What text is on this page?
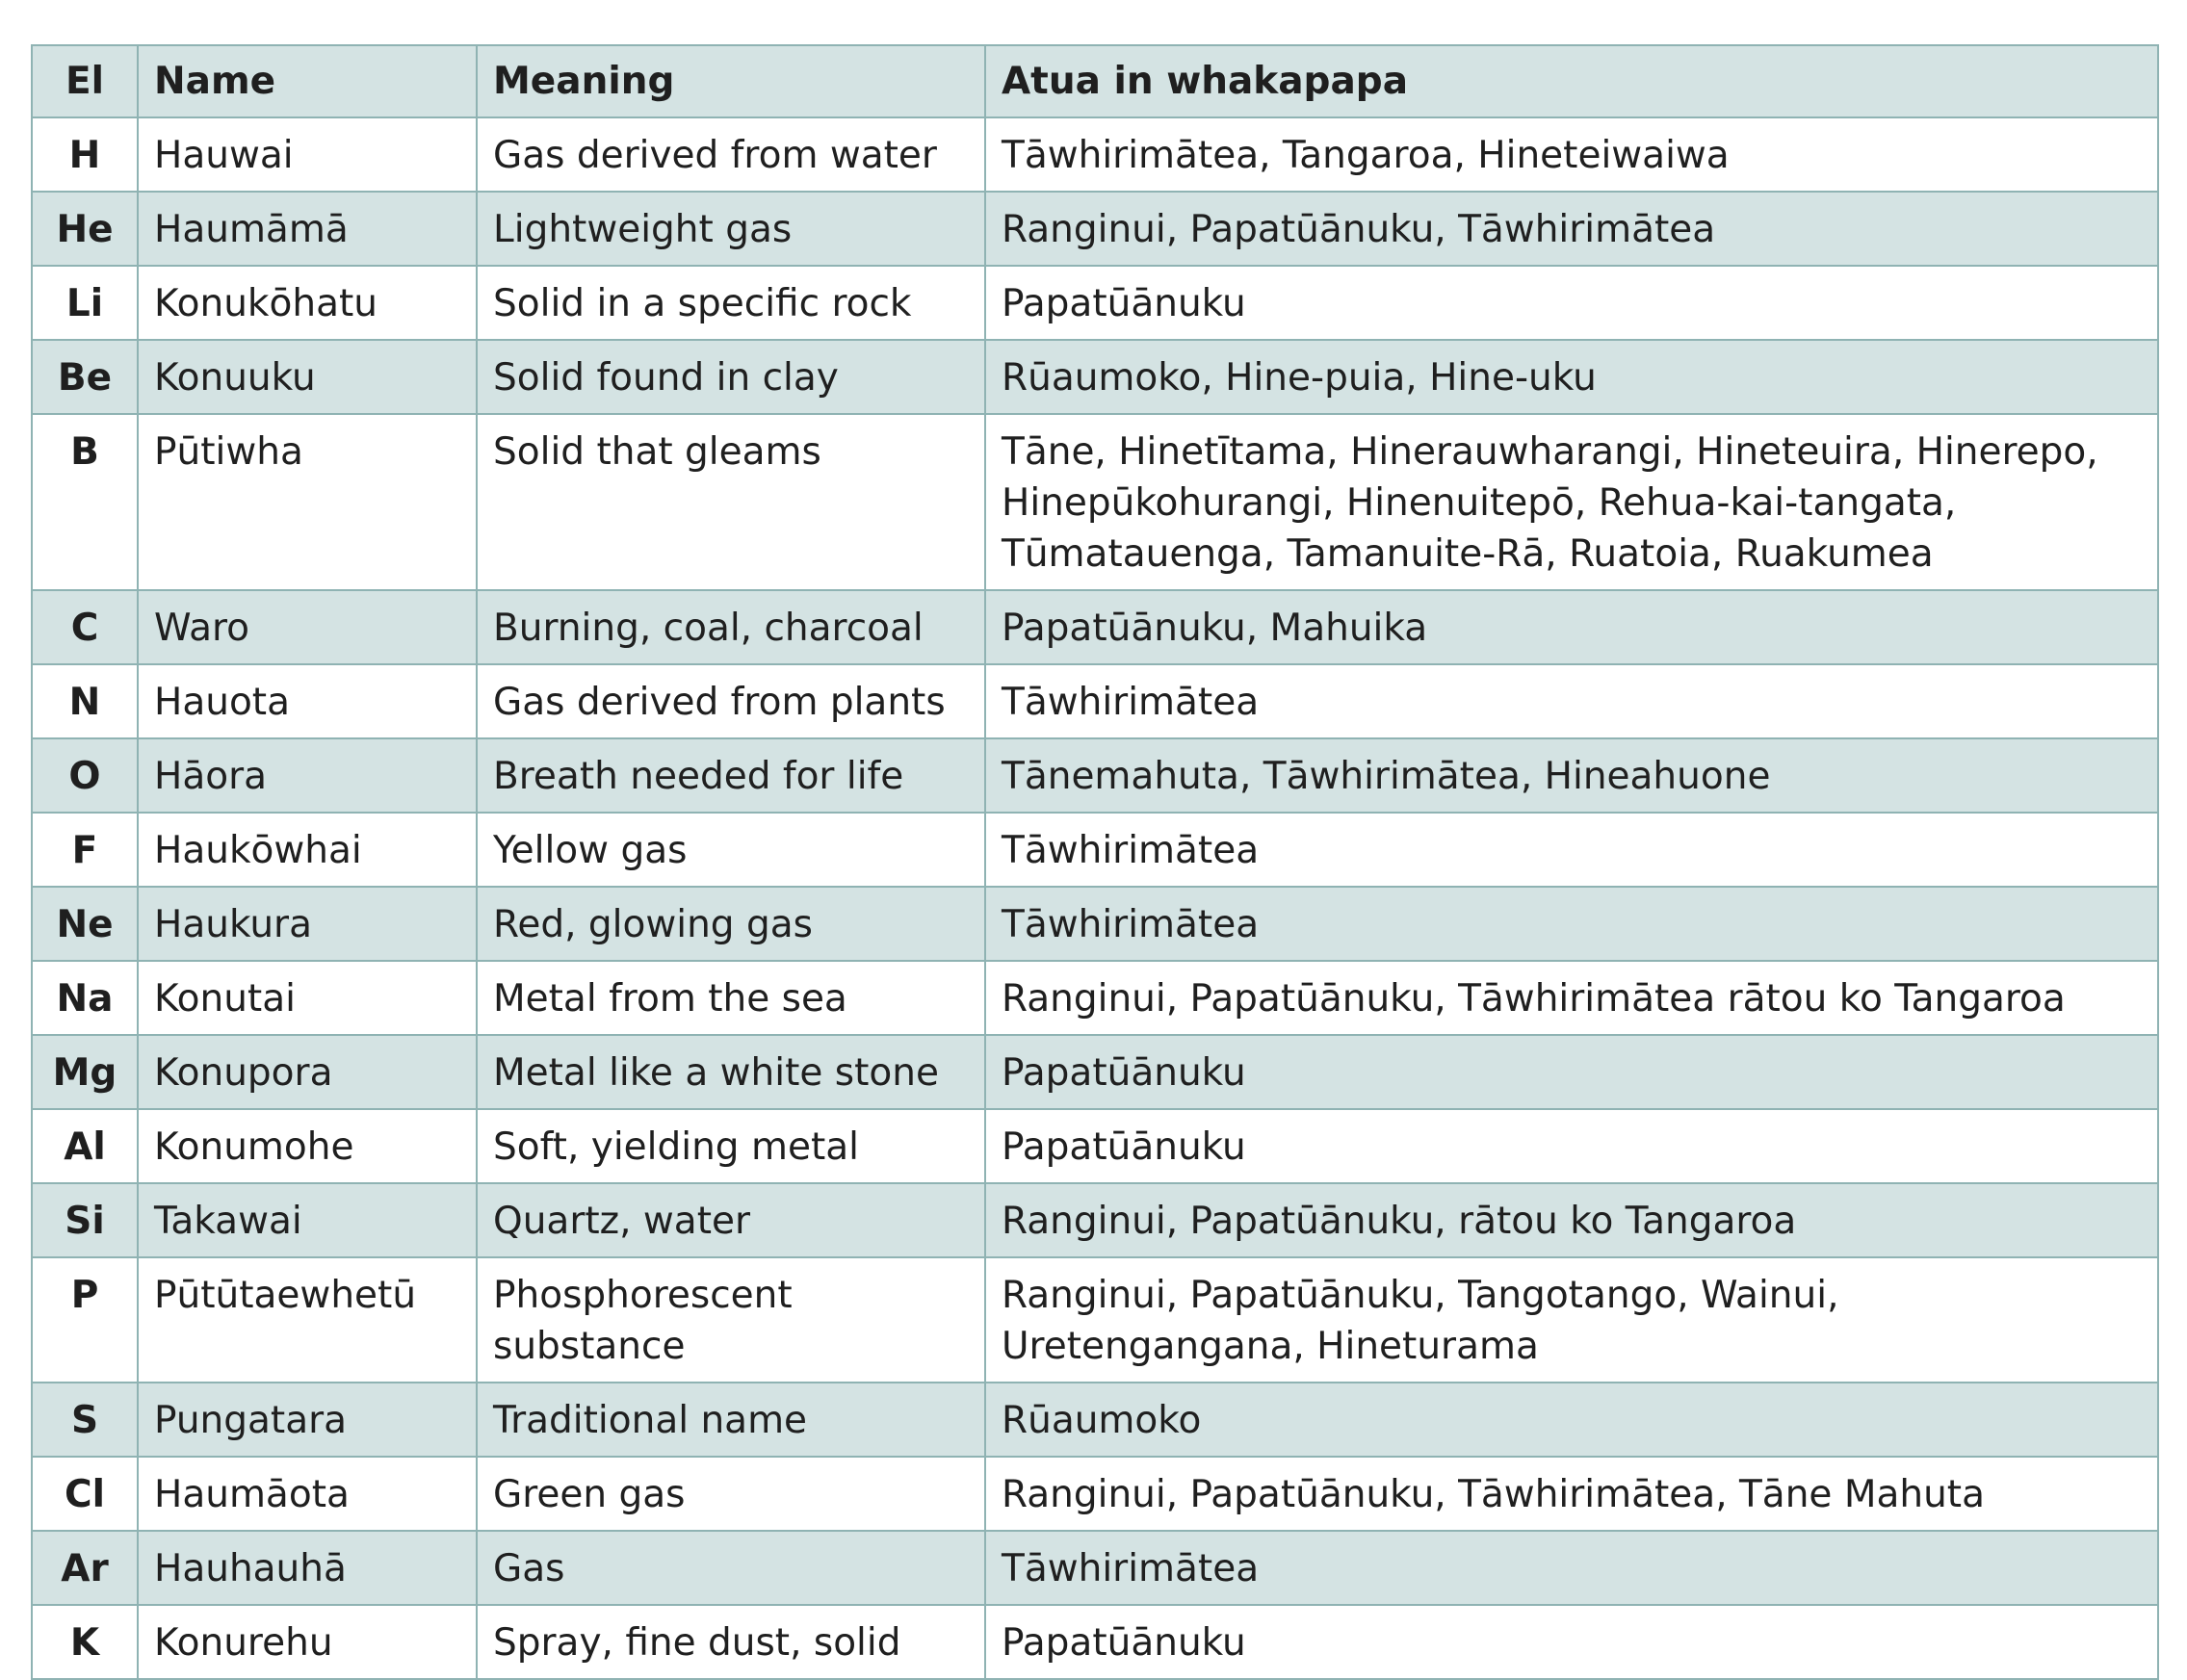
El	Name	Meaning	Atua in whakapapa
H	Hauwai	Gas derived from water	Tāwhirimātea, Tangaroa, Hineteiwaiwa

He	Haumāmā	Lightweight gas	Ranginui, Papatūānuku, Tāwhirimātea

Li	Konukōhatu	Solid in a specific rock	Papatūānuku

Be	Konuuku	Solid found in clay	Rūaumoko, Hine-puia, Hine-uku

B	Pūtiwha	Solid that gleams	Tāne, Hinetītama, Hinerauwharangi, Hineteuira, Hinerepo,
Hinepūkohurangi, Hinenuitepō, Rehua-kai-tangata,
Tūmatauenga, Tamanuite-Rā, Ruatoia, Ruakumea

C	Waro	Burning, coal, charcoal	Papatūānuku, Mahuika

N	Hauota	Gas derived from plants	Tāwhirimātea

O	Hāora	Breath needed for life	Tānemahuta, Tāwhirimātea, Hineahuone

F	Haukōwhai	Yellow gas	Tāwhirimātea

Ne	Haukura	Red, glowing gas	Tāwhirimātea

Na	Konutai	Metal from the sea	Ranginui, Papatūānuku, Tāwhirimātea rātou ko Tangaroa

Mg	Konupora	Metal like a white stone	Papatūānuku

Al	Konumohe	Soft, yielding metal	Papatūānuku

Si	Takawai	Quartz, water	Ranginui, Papatūānuku, rātou ko Tangaroa

P	Pūtūtaewhetū	Phosphorescent substance	Ranginui, Papatūānuku, Tangotango, Wainui,
Uretengangana, Hineturama

S	Pungatara	Traditional name	Rūaumoko

Cl	Haumāota	Green gas	Ranginui, Papatūānuku, Tāwhirimātea, Tāne Mahuta

Ar	Hauhauhā	Gas	Tāwhirimātea

K	Konurehu	Spray, fine dust, solid	Papatūānuku
